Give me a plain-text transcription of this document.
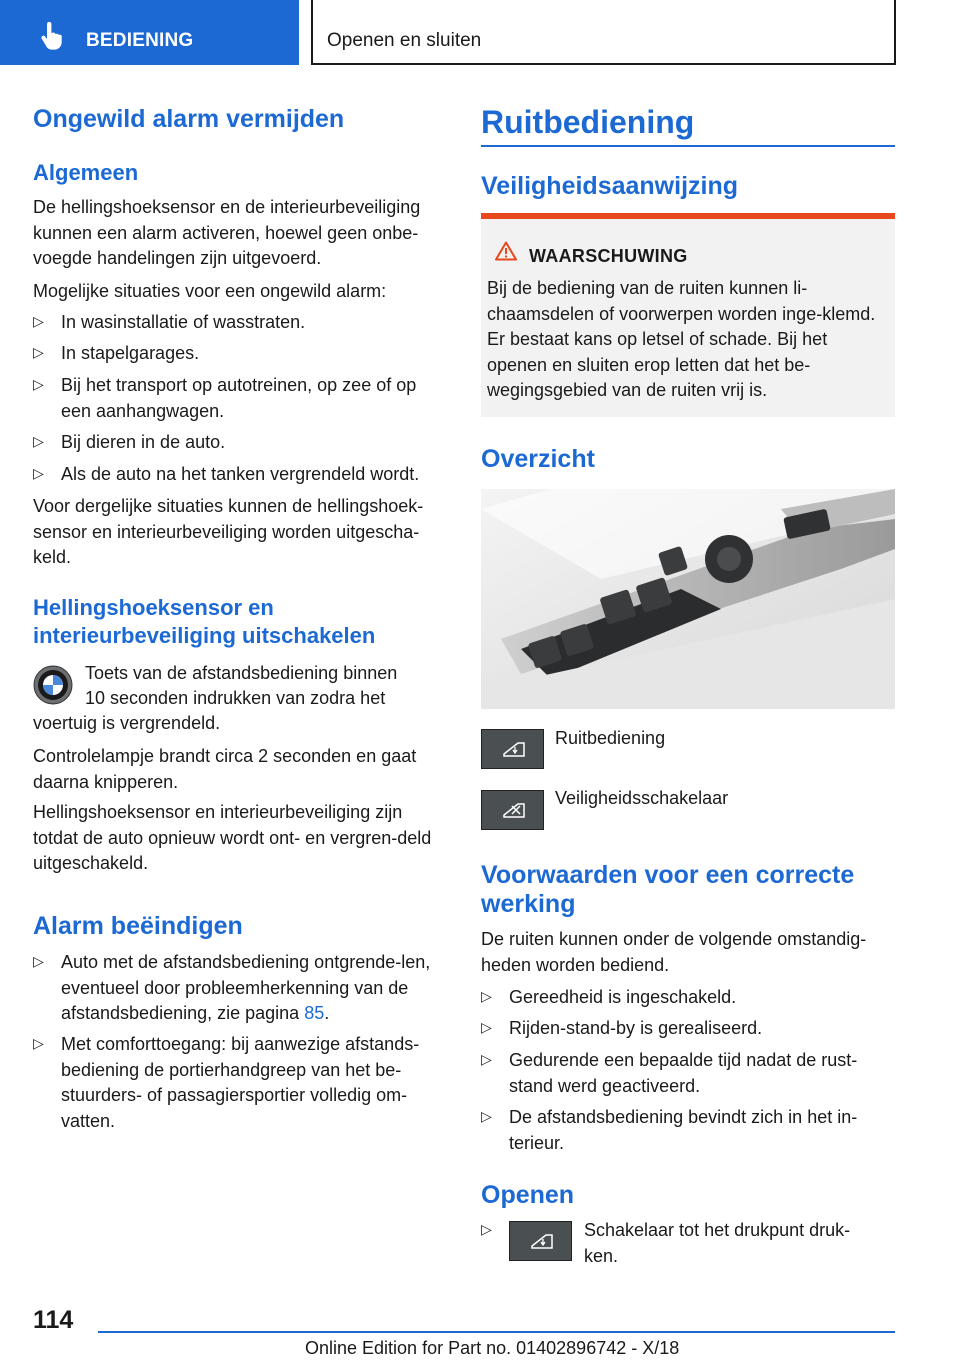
BEDIENING	Openen en sluiten
Ongewild alarm vermijden
Algemeen
De hellingshoeksensor en de interieurbeveiliging kunnen een alarm activeren, hoewel geen onbe-voegde handelingen zijn uitgevoerd.
Mogelijke situaties voor een ongewild alarm:
▷ In wasinstallatie of wasstraten.
▷ In stapelgarages.
▷ Bij het transport op autotreinen, op zee of op een aanhangwagen.
▷ Bij dieren in de auto.
▷ Als de auto na het tanken vergrendeld wordt.
Voor dergelijke situaties kunnen de hellingshoek-sensor en interieurbeveiliging worden uitgescha-keld.
Hellingshoeksensor en
interieurbeveiliging uitschakelen
Toets van de afstandsbediening binnen
10 seconden indrukken van zodra het
voertuig is vergrendeld.
Controlelampje brandt circa 2 seconden en gaat daarna knipperen.
Hellingshoeksensor en interieurbeveiliging zijn totdat de auto opnieuw wordt ont- en vergren-deld uitgeschakeld.
Alarm beëindigen
▷ Auto met de afstandsbediening ontgrende-len, eventueel door probleemherkenning van de afstandsbediening, zie pagina 85.
▷ Met comforttoegang: bij aanwezige afstands-bediening de portierhandgreep van het be-stuurders- of passagiersportier volledig om-vatten.
Ruitbediening
Veiligheidsaanwijzing
WAARSCHUWING
Bij de bediening van de ruiten kunnen li-chaamsdelen of voorwerpen worden inge-klemd. Er bestaat kans op letsel of schade. Bij het openen en sluiten erop letten dat het be-wegingsgebied van de ruiten vrij is.
Overzicht
Ruitbediening
Veiligheidsschakelaar
Voorwaarden voor een correcte
werking
De ruiten kunnen onder de volgende omstandig-heden worden bediend.
▷ Gereedheid is ingeschakeld.
▷ Rijden-stand-by is gerealiseerd.
▷ Gedurende een bepaalde tijd nadat de rust-stand werd geactiveerd.
▷ De afstandsbediening bevindt zich in het in-terieur.
Openen
Schakelaar tot het drukpunt druk-ken.
114
Online Edition for Part no. 01402896742 - X/18
